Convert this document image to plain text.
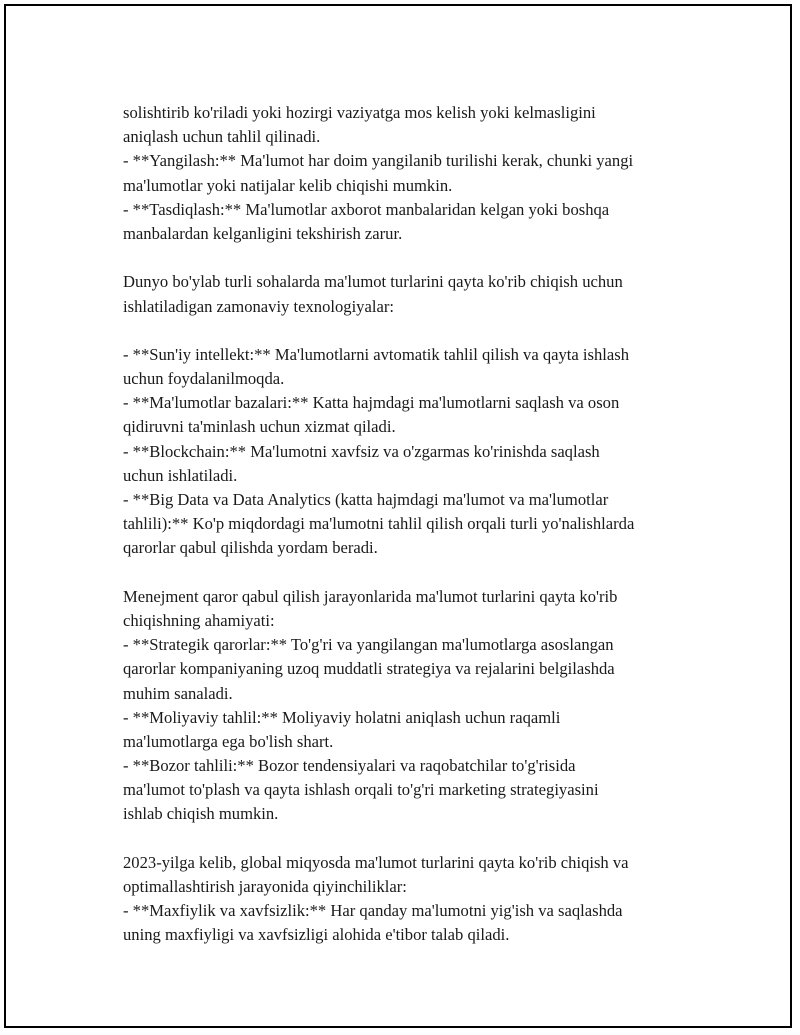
solishtirib ko'riladi yoki hozirgi vaziyatga mos kelish yoki kelmasligini
aniqlash uchun tahlil qilinadi.
- **Yangilash:** Ma'lumot har doim yangilanib turilishi kerak, chunki yangi
ma'lumotlar yoki natijalar kelib chiqishi mumkin.
- **Tasdiqlash:** Ma'lumotlar axborot manbalaridan kelgan yoki boshqa
manbalardan kelganligini tekshirish zarur.
Dunyo bo'ylab turli sohalarda ma'lumot turlarini qayta ko'rib chiqish uchun
ishlatiladigan zamonaviy texnologiyalar:
- **Sun'iy intellekt:** Ma'lumotlarni avtomatik tahlil qilish va qayta ishlash
uchun foydalanilmoqda.
- **Ma'lumotlar bazalari:** Katta hajmdagi ma'lumotlarni saqlash va oson
qidiruvni ta'minlash uchun xizmat qiladi.
- **Blockchain:** Ma'lumotni xavfsiz va o'zgarmas ko'rinishda saqlash
uchun ishlatiladi.
- **Big Data va Data Analytics (katta hajmdagi ma'lumot va ma'lumotlar
tahlili):** Ko'p miqdordagi ma'lumotni tahlil qilish orqali turli yo'nalishlarda
qarorlar qabul qilishda yordam beradi.
Menejment qaror qabul qilish jarayonlarida ma'lumot turlarini qayta ko'rib
chiqishning ahamiyati:
- **Strategik qarorlar:** To'g'ri va yangilangan ma'lumotlarga asoslangan
qarorlar kompaniyaning uzoq muddatli strategiya va rejalarini belgilashda
muhim sanaladi.
- **Moliyaviy tahlil:** Moliyaviy holatni aniqlash uchun raqamli
ma'lumotlarga ega bo'lish shart.
- **Bozor tahlili:** Bozor tendensiyalari va raqobatchilar to'g'risida
ma'lumot to'plash va qayta ishlash orqali to'g'ri marketing strategiyasini
ishlab chiqish mumkin.
2023-yilga kelib, global miqyosda ma'lumot turlarini qayta ko'rib chiqish va
optimallashtirish jarayonida qiyinchiliklar:
- **Maxfiylik va xavfsizlik:** Har qanday ma'lumotni yig'ish va saqlashda
uning maxfiyligi va xavfsizligi alohida e'tibor talab qiladi.
